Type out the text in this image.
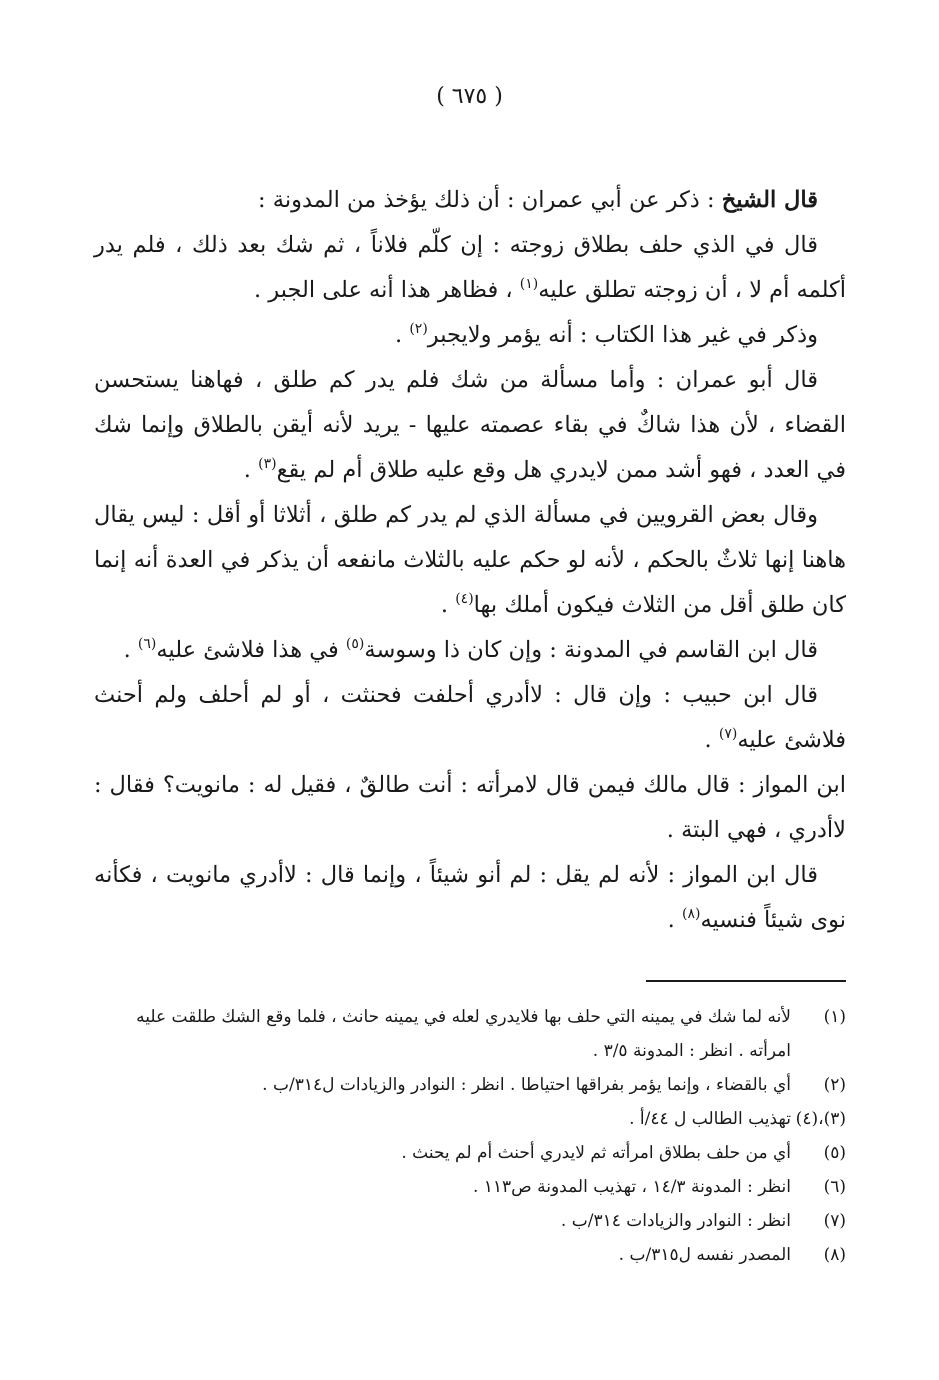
( ٦٧٥ )

قال الشيخ : ذكر عن أبي عمران : أن ذلك يؤخذ من المدونة :

قال في الذي حلف بطلاق زوجته : إن كلّم فلاناً ، ثم شك بعد ذلك ، فلم يدر أكلمه أم لا ، أن زوجته تطلق عليه$^{(١)}$ ، فظاهر هذا أنه على الجبر .

وذكر في غير هذا الكتاب : أنه يؤمر ولايجبر$^{(٢)}$ .

قال أبو عمران : وأما مسألة من شك فلم يدر كم طلق ، فهاهنا يستحسن القضاء ، لأن هذا شاكٌ في بقاء عصمته عليها - يريد لأنه أيقن بالطلاق وإنما شك في العدد ، فهو أشد ممن لايدري هل وقع عليه طلاق أم لم يقع$^{(٣)}$ .

وقال بعض القرويين في مسألة الذي لم يدر كم طلق ، أثلاثا أو أقل : ليس يقال هاهنا إنها ثلاثٌ بالحكم ، لأنه لو حكم عليه بالثلاث مانفعه أن يذكر في العدة أنه إنما كان طلق أقل من الثلاث فيكون أملك بها$^{(٤)}$ .

قال ابن القاسم في المدونة : وإن كان ذا وسوسة$^{(٥)}$ في هذا فلاشئ عليه$^{(٦)}$ .

قال ابن حبيب : وإن قال : لاأدري أحلفت فحنثت ، أو لم أحلف ولم أحنث فلاشئ عليه$^{(٧)}$ .

ابن المواز : قال مالك فيمن قال لامرأته : أنت طالقٌ ، فقيل له : مانويت؟ فقال : لاأدري ، فهي البتة .

قال ابن المواز : لأنه لم يقل : لم أنو شيئاً ، وإنما قال : لاأدري مانويت ، فكأنه نوى شيئاً فنسيه$^{(٨)}$ .

(١)
لأنه لما شك في يمينه التي حلف بها فلايدري لعله في يمينه حانث ، فلما وقع الشك طلقت عليه امرأته . انظر : المدونة ٣/٥ .
(٢)
أي بالقضاء ، وإنما يؤمر بفراقها احتياطا . انظر : النوادر والزيادات ل٣١٤/ب .
(٣)،(٤)
تهذيب الطالب ل ٤٤/أ .
(٥)
أي من حلف بطلاق امرأته ثم لايدري أحنث أم لم يحنث .
(٦)
انظر : المدونة ١٤/٣ ، تهذيب المدونة ص١١٣ .
(٧)
انظر : النوادر والزيادات ٣١٤/ب .
(٨)
المصدر نفسه ل٣١٥/ب .
